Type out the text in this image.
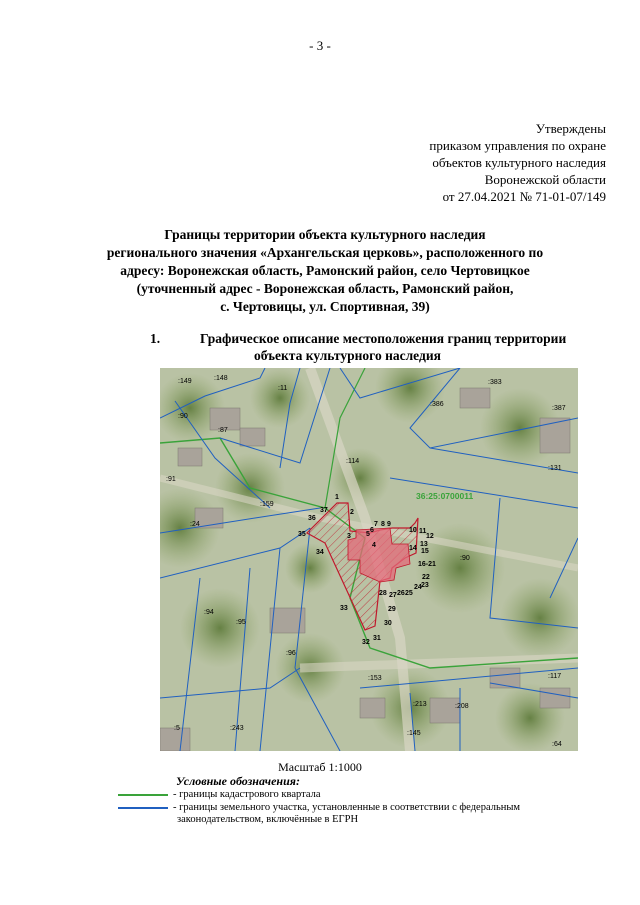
- 3 -
Утверждены
приказом управления по охране
объектов культурного наследия
Воронежской области
от 27.04.2021 № 71-01-07/149
Границы территории объекта культурного наследия
регионального значения «Архангельская церковь», расположенного по
адресу: Воронежская область, Рамонский район, село Чертовицкое
(уточненный адрес - Воронежская область, Рамонский район,
с. Чертовицы, ул. Спортивная, 39)
1.	Графическое описание местоположения границ территории
объекта культурного наследия
36:25:0700011
:149	:148
:11
:383
:386
:387
:90
:87
:131
:114
:91
:159
:24
:90
:94
:95
:96
:153	:117
:5	:243
:213	:208
:145
:64
1
2
3
4
5
6
7 8 9
10 11
12
13
14 15
16-21
22
23
24
25
26
27
28
29
30
31
32
33
34
35
36
37
Масштаб 1:1000
Условные обозначения:
- границы кадастрового квартала
- границы земельного участка, установленные в соответствии с федеральным
законодательством, включённые в ЕГРН
